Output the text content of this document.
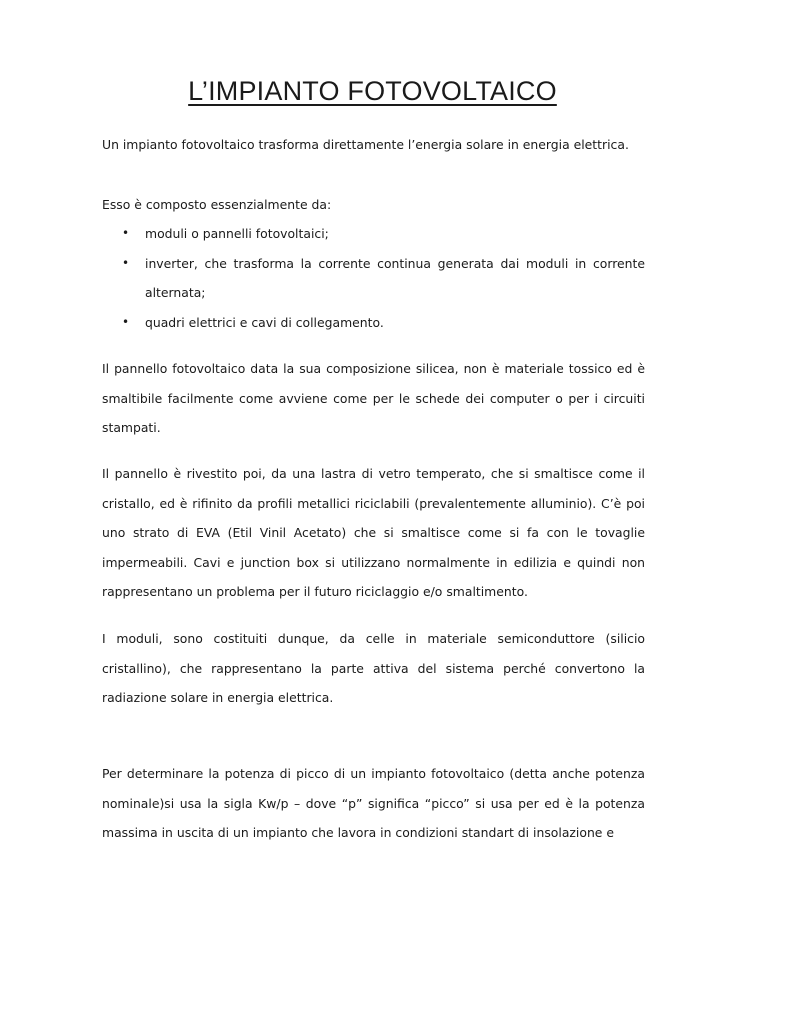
L’IMPIANTO FOTOVOLTAICO

Un impianto fotovoltaico trasforma direttamente l’energia solare in energia elettrica.

Esso è composto essenzialmente da:

• moduli o pannelli fotovoltaici;
• inverter, che trasforma la corrente continua generata dai moduli in corrente alternata;
• quadri elettrici e cavi di collegamento.

Il pannello fotovoltaico data la sua composizione silicea, non è materiale tossico ed è smaltibile facilmente come avviene come per le schede dei computer o per i circuiti stampati.

Il pannello è rivestito poi, da una lastra di vetro temperato, che si smaltisce come il cristallo, ed è rifinito da profili metallici riciclabili (prevalentemente alluminio). C’è poi uno strato di EVA (Etil Vinil Acetato) che si smaltisce come si fa con le tovaglie impermeabili. Cavi e junction box si utilizzano normalmente in edilizia e quindi non rappresentano un problema per il futuro riciclaggio e/o smaltimento.

I moduli, sono costituiti dunque, da celle in materiale semiconduttore (silicio cristallino), che rappresentano la parte attiva del sistema perché convertono la radiazione solare in energia elettrica.

Per determinare la potenza di picco di un impianto fotovoltaico (detta anche potenza nominale)si usa la sigla Kw/p – dove “p” significa “picco” si usa per ed è la potenza massima in uscita di un impianto che lavora in condizioni standart di insolazione e
